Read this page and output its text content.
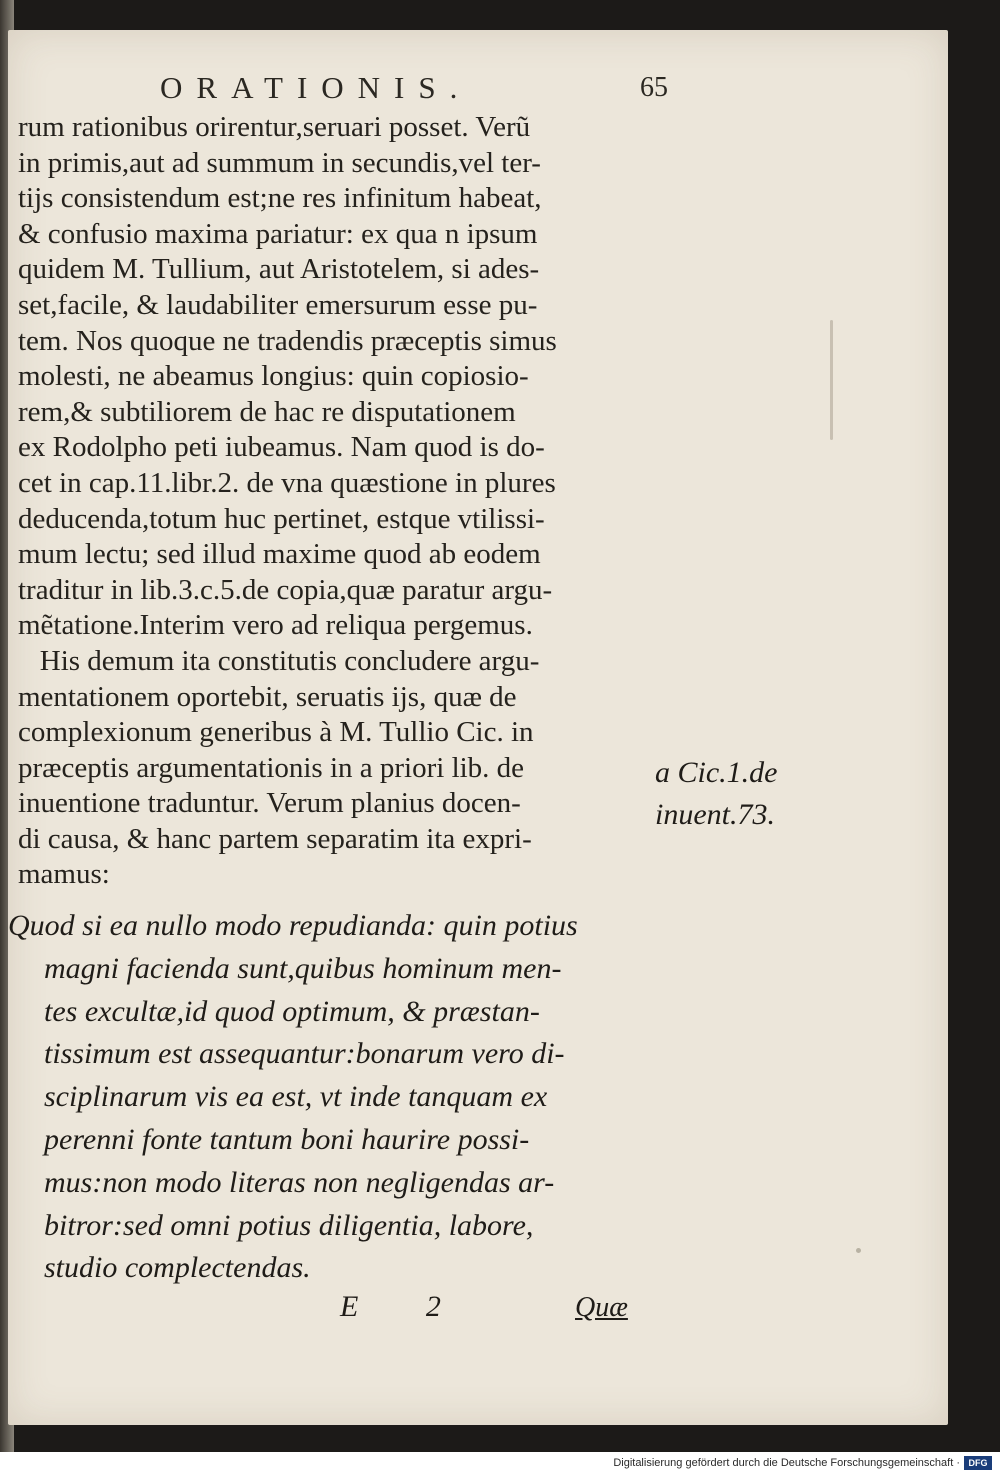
ORATIONIS.	65
rum rationibus orirentur,seruari posset. Verũ
in primis,aut ad summum in secundis,vel ter-
tijs consistendum est;ne res infinitum habeat,
& confusio maxima pariatur: ex qua n ipsum
quidem M. Tullium, aut Aristotelem, si ades-
set,facile, & laudabiliter emersurum esse pu-
tem. Nos quoque ne tradendis præceptis simus
molesti, ne abeamus longius: quin copiosio-
rem,& subtiliorem de hac re disputationem
ex Rodolpho peti iubeamus. Nam quod is do-
cet in cap.11.libr.2. de vna quæstione in plures
deducenda,totum huc pertinet, estque vtilissi-
mum lectu; sed illud maxime quod ab eodem
traditur in lib.3.c.5.de copia,quæ paratur argu-
mẽtatione.Interim vero ad reliqua pergemus.
His demum ita constitutis concludere argu-
mentationem oportebit, seruatis ijs, quæ de
complexionum generibus à M. Tullio Cic. in
præceptis argumentationis in a priori lib. de
inuentione traduntur. Verum planius docen-
di causa, & hanc partem separatim ita expri-
mamus:
a Cic.1.de
inuent.73.
Quod si ea nullo modo repudianda: quin potius
magni facienda sunt,quibus hominum men-
tes excultæ,id quod optimum, & præstan-
tissimum est assequantur:bonarum vero di-
sciplinarum vis ea est, vt inde tanquam ex
perenni fonte tantum boni haurire possi-
mus:non modo literas non negligendas ar-
bitror:sed omni potius diligentia, labore,
studio complectendas.
E 2	Quæ
Digitalisierung gefördert durch die Deutsche Forschungsgemeinschaft · DFG
